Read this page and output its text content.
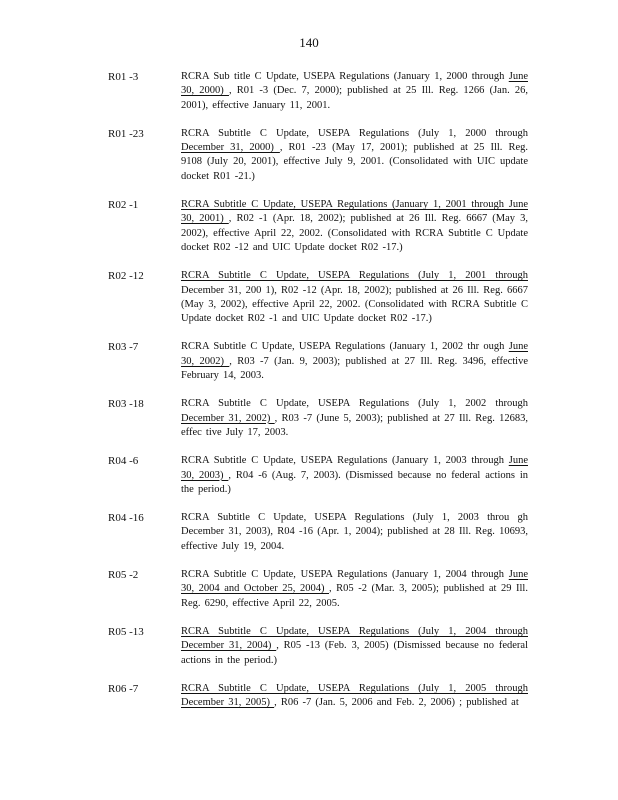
140
R01 -3	RCRA Sub title C Update, USEPA Regulations (January 1, 2000 through June 30, 2000) , R01 -3 (Dec. 7, 2000); published at 25 Ill. Reg. 1266 (Jan. 26, 2001), effective January 11, 2001.
R01 -23	RCRA Subtitle C Update, USEPA Regulations (July 1, 2000 through December 31, 2000) , R01 -23 (May 17, 2001); published at 25 Ill. Reg. 9108 (July 20, 2001), effective July 9, 2001. (Consolidated with UIC update docket R01 -21.)
R02 -1	RCRA Subtitle C Update, USEPA Regulations (January 1, 2001 through June 30, 2001) , R02 -1 (Apr. 18, 2002); published at 26 Ill. Reg. 6667 (May 3, 2002), effective April 22, 2002. (Consolidated with RCRA Subtitle C Update docket R02 -12 and UIC Update docket R02 -17.)
R02 -12	RCRA Subtitle C Update, USEPA Regulations (July 1, 2001 through December 31, 200 1), R02 -12 (Apr. 18, 2002); published at 26 Ill. Reg. 6667 (May 3, 2002), effective April 22, 2002. (Consolidated with RCRA Subtitle C Update docket R02 -1 and UIC Update docket R02 -17.)
R03 -7	RCRA Subtitle C Update, USEPA Regulations (January 1, 2002 thr ough June 30, 2002) , R03 -7 (Jan. 9, 2003); published at 27 Ill. Reg. 3496, effective February 14, 2003.
R03 -18	RCRA Subtitle C Update, USEPA Regulations (July 1, 2002 through December 31, 2002) , R03 -7 (June 5, 2003); published at 27 Ill. Reg. 12683, effec tive July 17, 2003.
R04 -6	RCRA Subtitle C Update, USEPA Regulations (January 1, 2003 through June 30, 2003) , R04 -6 (Aug. 7, 2003). (Dismissed because no federal actions in the period.)
R04 -16	RCRA Subtitle C Update, USEPA Regulations (July 1, 2003 throu gh December 31, 2003), R04 -16 (Apr. 1, 2004); published at 28 Ill. Reg. 10693, effective July 19, 2004.
R05 -2	RCRA Subtitle C Update, USEPA Regulations (January 1, 2004 through June 30, 2004 and October 25, 2004) , R05 -2 (Mar. 3, 2005); published at 29 Ill. Reg. 6290, effective April 22, 2005.
R05 -13	RCRA Subtitle C Update, USEPA Regulations (July 1, 2004 through December 31, 2004) , R05 -13 (Feb. 3, 2005) (Dismissed because no federal actions in the period.)
R06 -7	RCRA Subtitle C Update, USEPA Regulations (July 1, 2005 through December 31, 2005) , R06 -7 (Jan. 5, 2006 and Feb. 2, 2006) ; published at
